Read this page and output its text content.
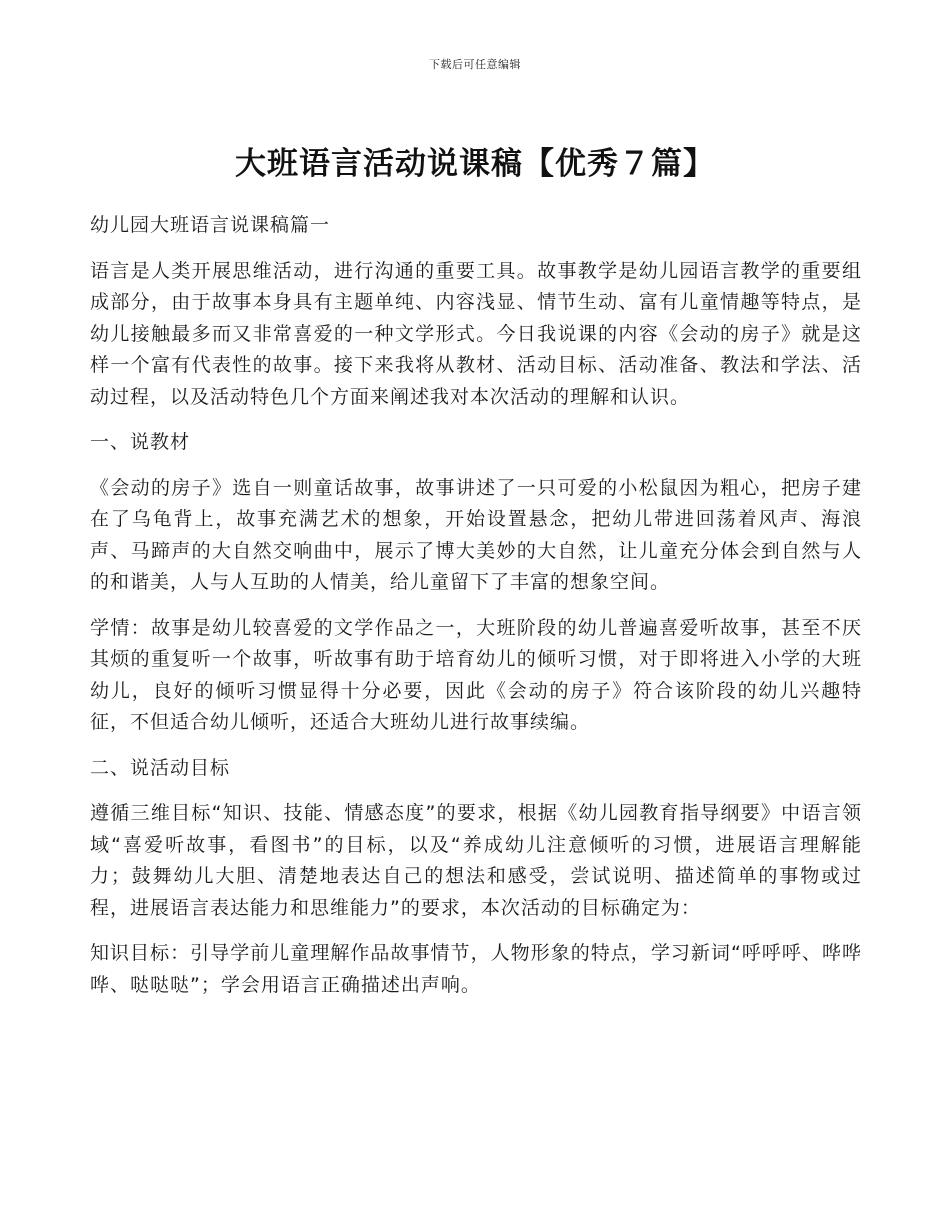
下载后可任意编辑
大班语言活动说课稿【优秀７篇】

幼儿园大班语言说课稿篇一

语言是人类开展思维活动，进行沟通的重要工具。故事教学是幼儿园语言教学的重要组成部分，由于故事本身具有主题单纯、内容浅显、情节生动、富有儿童情趣等特点，是幼儿接触最多而又非常喜爱的一种文学形式。今日我说课的内容《会动的房子》就是这样一个富有代表性的故事。接下来我将从教材、活动目标、活动准备、教法和学法、活动过程，以及活动特色几个方面来阐述我对本次活动的理解和认识。

一、说教材

《会动的房子》选自一则童话故事，故事讲述了一只可爱的小松鼠因为粗心，把房子建在了乌龟背上，故事充满艺术的想象，开始设置悬念，把幼儿带进回荡着风声、海浪声、马蹄声的大自然交响曲中，展示了博大美妙的大自然，让儿童充分体会到自然与人的和谐美，人与人互助的人情美，给儿童留下了丰富的想象空间。

学情：故事是幼儿较喜爱的文学作品之一，大班阶段的幼儿普遍喜爱听故事，甚至不厌其烦的重复听一个故事，听故事有助于培育幼儿的倾听习惯，对于即将进入小学的大班幼儿，良好的倾听习惯显得十分必要，因此《会动的房子》符合该阶段的幼儿兴趣特征，不但适合幼儿倾听，还适合大班幼儿进行故事续编。

二、说活动目标

遵循三维目标“知识、技能、情感态度”的要求，根据《幼儿园教育指导纲要》中语言领域“喜爱听故事，看图书”的目标，以及“养成幼儿注意倾听的习惯，进展语言理解能力；鼓舞幼儿大胆、清楚地表达自己的想法和感受，尝试说明、描述简单的事物或过程，进展语言表达能力和思维能力”的要求，本次活动的目标确定为：

知识目标：引导学前儿童理解作品故事情节，人物形象的特点，学习新词“呼呼呼、哗哗哗、哒哒哒”；学会用语言正确描述出声响。
